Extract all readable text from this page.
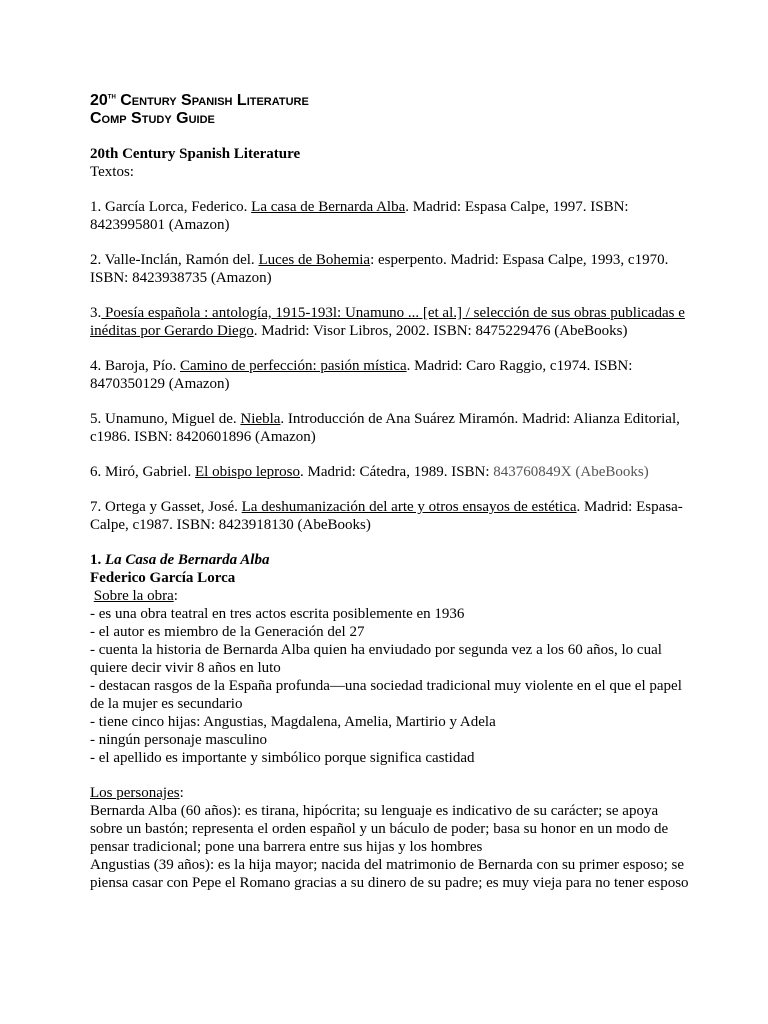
20th Century Spanish Literature
Comp Study Guide

20th Century Spanish Literature

Textos:

1. García Lorca, Federico. La casa de Bernarda Alba. Madrid: Espasa Calpe, 1997. ISBN: 8423995801 (Amazon)

2. Valle-Inclán, Ramón del. Luces de Bohemia: esperpento. Madrid: Espasa Calpe, 1993, c1970. ISBN: 8423938735 (Amazon)

3. Poesía española : antología, 1915-193l: Unamuno ... [et al.] / selección de sus obras publicadas e inéditas por Gerardo Diego. Madrid: Visor Libros, 2002. ISBN: 8475229476 (AbeBooks)

4. Baroja, Pío. Camino de perfección: pasión mística. Madrid: Caro Raggio, c1974. ISBN: 8470350129 (Amazon)

5. Unamuno, Miguel de. Niebla. Introducción de Ana Suárez Miramón. Madrid: Alianza Editorial, c1986. ISBN: 8420601896 (Amazon)

6. Miró, Gabriel. El obispo leproso. Madrid: Cátedra, 1989. ISBN: 843760849X (AbeBooks)

7. Ortega y Gasset, José. La deshumanización del arte y otros ensayos de estética. Madrid: Espasa-Calpe, c1987. ISBN: 8423918130 (AbeBooks)

1. La Casa de Bernarda Alba

Federico García Lorca

Sobre la obra:

- es una obra teatral en tres actos escrita posiblemente en 1936

- el autor es miembro de la Generación del 27

- cuenta la historia de Bernarda Alba quien ha enviudado por segunda vez a los 60 años, lo cual quiere decir vivir 8 años en luto

- destacan rasgos de la España profunda—una sociedad tradicional muy violente en el que el papel de la mujer es secundario

- tiene cinco hijas: Angustias, Magdalena, Amelia, Martirio y Adela

- ningún personaje masculino

- el apellido es importante y simbólico porque significa castidad

Los personajes:

Bernarda Alba (60 años): es tirana, hipócrita; su lenguaje es indicativo de su carácter; se apoya sobre un bastón; representa el orden español y un báculo de poder; basa su honor en un modo de pensar tradicional; pone una barrera entre sus hijas y los hombres

Angustias (39 años): es la hija mayor; nacida del matrimonio de Bernarda con su primer esposo; se piensa casar con Pepe el Romano gracias a su dinero de su padre; es muy vieja para no tener esposo
